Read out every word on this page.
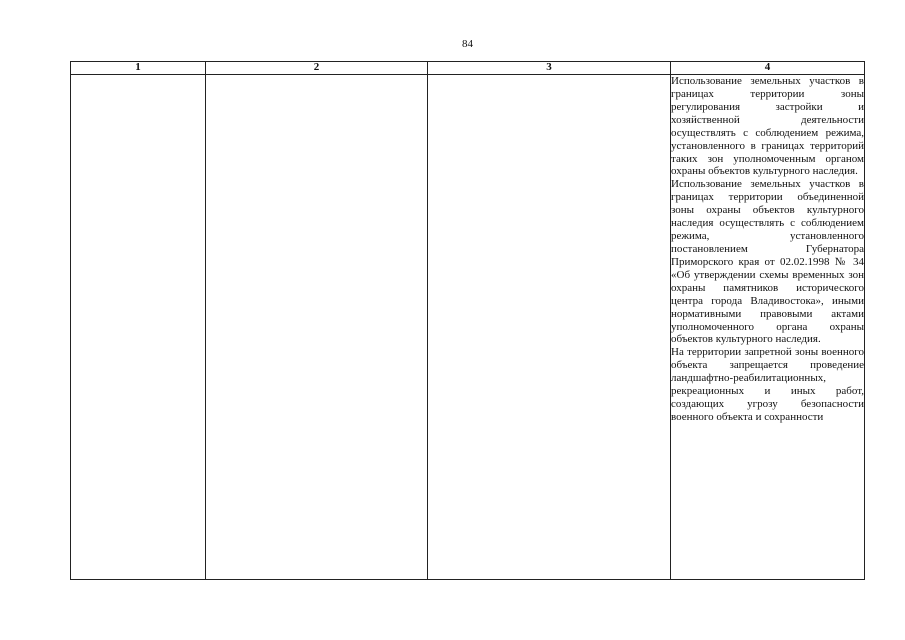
84
1	2	3	4

			Использование земельных участков в границах территории зоны регулирования застройки и хозяйственной деятельности осуществлять с соблюдением режима, установленного в границах территорий таких зон уполномоченным органом охраны объектов культурного наследия.
Использование земельных участков в границах территории объединенной зоны охраны объектов культурного наследия осуществлять с соблюдением режима, установленного постановлением Губернатора Приморского края от 02.02.1998 № 34 «Об утверждении схемы временных зон охраны памятников исторического центра города Владивостока», иными нормативными правовыми актами уполномоченного органа охраны объектов культурного наследия.
На территории запретной зоны военного объекта запрещается проведение ландшафтно-реабилитационных, рекреационных и иных работ, создающих угрозу безопасности военного объекта и сохранности
